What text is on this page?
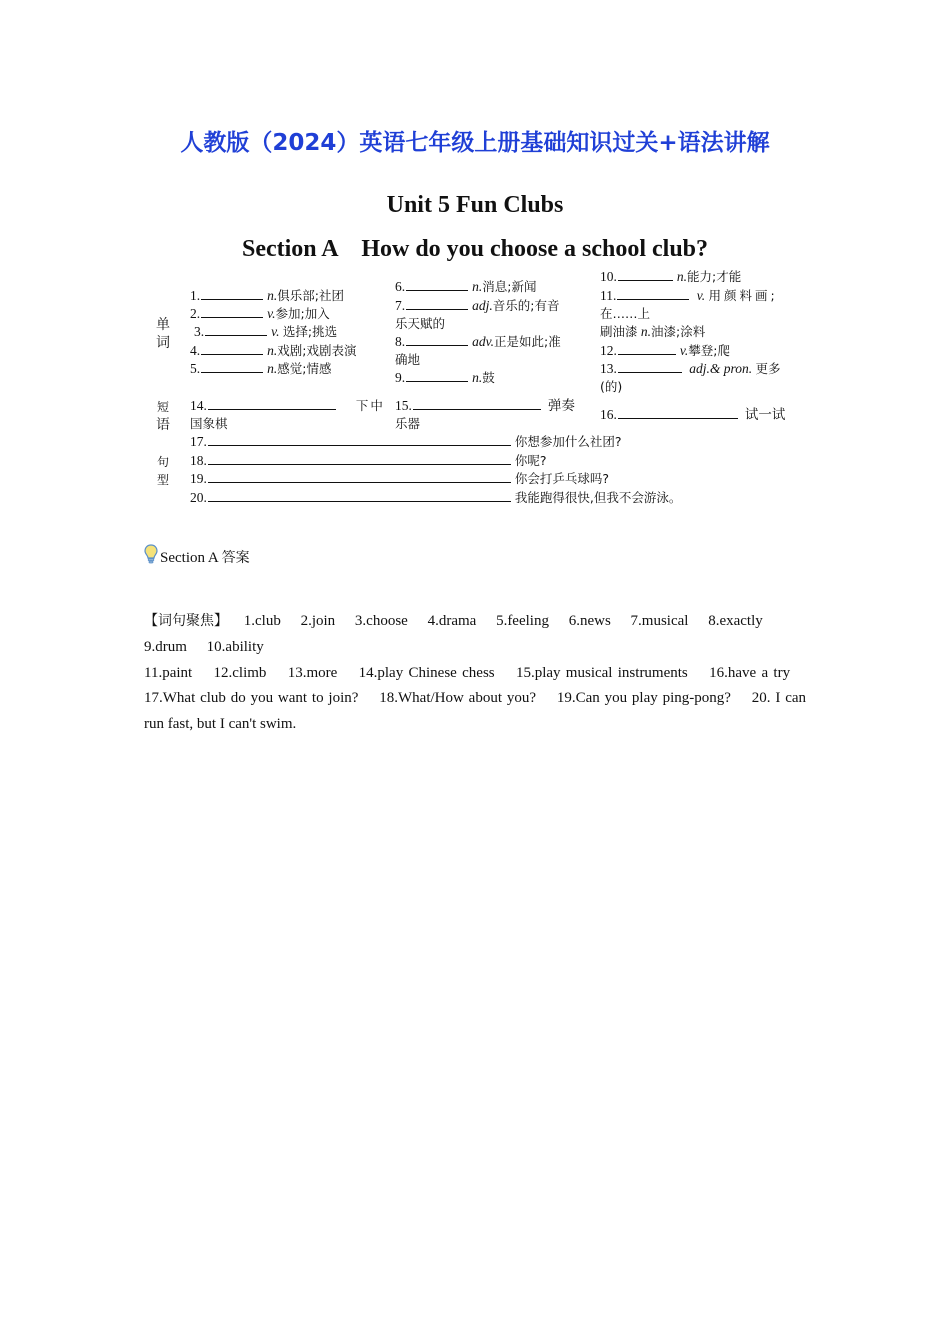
人教版（2024）英语七年级上册基础知识过关+语法讲解
Unit 5 Fun Clubs
Section A    How do you choose a school club?
单
词
短
语
句
型
1.	n.俱乐部;社团
2.	v.参加;加入
3.	v. 选择;挑选
4.	n.戏剧;戏剧表演
5.	n.感觉;情感
6.	n.消息;新闻
7.	adj.音乐的;有音
乐天赋的
8.	adv.正是如此;准
确地
9.	n.鼓
10.	n.能力;才能
11.	v. 用颜料画;
在……上
刷油漆 n.油漆;涂料
12.	v.攀登;爬
13.	adj.& pron. 更多
(的)
14.	下中
国象棋
15.	弹奏
乐器
16.	试一试
17.	你想参加什么社团?
18.	你呢?
19.	你会打乒乓球吗?
20.	我能跑得很快,但我不会游泳。
Section A 答案
【词句聚焦】 1.club 2.join 3.choose 4.drama 5.feeling 6.news 7.musical 8.exactly
9.drum 10.ability
11.paint 12.climb 13.more 14.play Chinese chess 15.play musical instruments 16.have a try 17.What club do you want to join? 18.What/How about you? 19.Can you play ping-pong? 20. I can run fast, but I can't swim.
